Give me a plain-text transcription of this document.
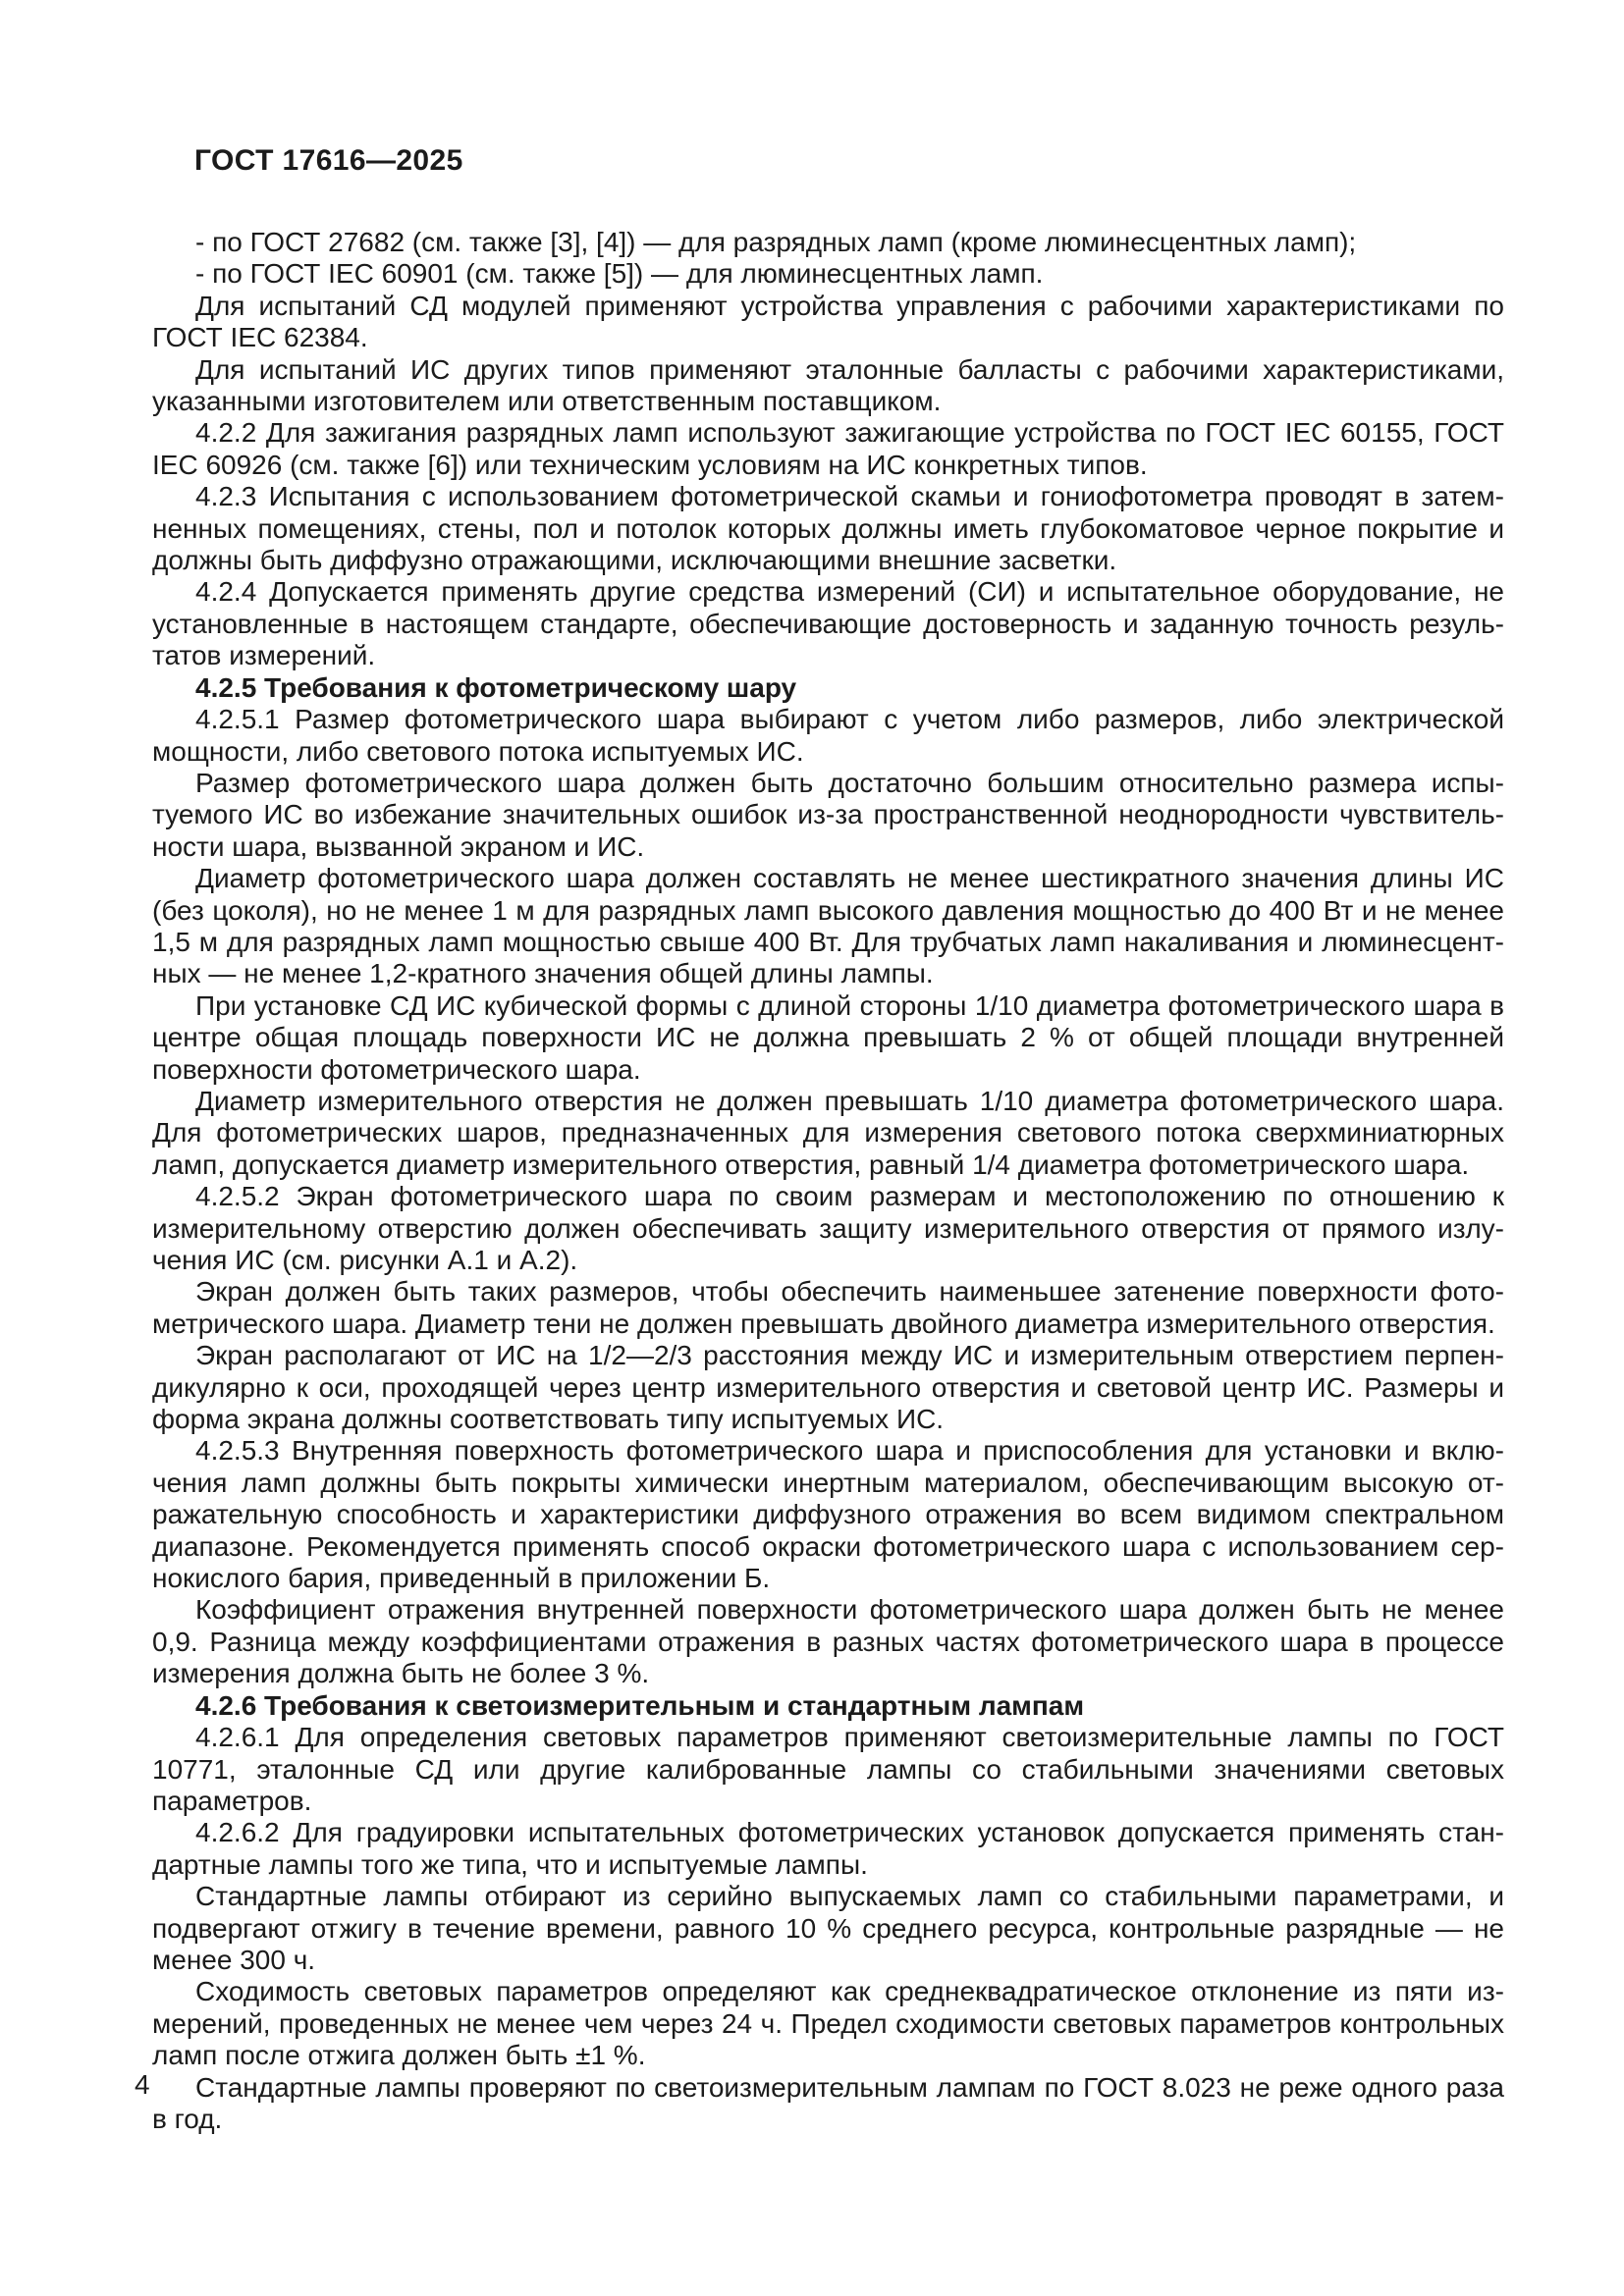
ГОСТ 17616—2025

- по ГОСТ 27682 (см. также [3], [4]) — для разрядных ламп (кроме люминесцентных ламп);

- по ГОСТ IEC 60901 (см. также [5]) — для люминесцентных ламп.

Для испытаний СД модулей применяют устройства управления с рабочими характеристиками по ГОСТ IEC 62384.

Для испытаний ИС других типов применяют эталонные балласты с рабочими характеристиками, указанными изготовителем или ответственным поставщиком.

4.2.2 Для зажигания разрядных ламп используют зажигающие устройства по ГОСТ IEC 60155, ГОСТ IEC 60926 (см. также [6]) или техническим условиям на ИС конкретных типов.

4.2.3 Испытания с использованием фотометрической скамьи и гониофотометра проводят в затемненных помещениях, стены, пол и потолок которых должны иметь глубокоматовое черное покрытие и должны быть диффузно отражающими, исключающими внешние засветки.

4.2.4 Допускается применять другие средства измерений (СИ) и испытательное оборудование, не установленные в настоящем стандарте, обеспечивающие достоверность и заданную точность результатов измерений.

4.2.5 Требования к фотометрическому шару

4.2.5.1 Размер фотометрического шара выбирают с учетом либо размеров, либо электрической мощности, либо светового потока испытуемых ИС.

Размер фотометрического шара должен быть достаточно большим относительно размера испытуемого ИС во избежание значительных ошибок из-за пространственной неоднородности чувствительности шара, вызванной экраном и ИС.

Диаметр фотометрического шара должен составлять не менее шестикратного значения длины ИС (без цоколя), но не менее 1 м для разрядных ламп высокого давления мощностью до 400 Вт и не менее 1,5 м для разрядных ламп мощностью свыше 400 Вт. Для трубчатых ламп накаливания и люминесцентных — не менее 1,2-кратного значения общей длины лампы.

При установке СД ИС кубической формы с длиной стороны 1/10 диаметра фотометрического шара в центре общая площадь поверхности ИС не должна превышать 2 % от общей площади внутренней поверхности фотометрического шара.

Диаметр измерительного отверстия не должен превышать 1/10 диаметра фотометрического шара. Для фотометрических шаров, предназначенных для измерения светового потока сверхминиатюрных ламп, допускается диаметр измерительного отверстия, равный 1/4 диаметра фотометрического шара.

4.2.5.2 Экран фотометрического шара по своим размерам и местоположению по отношению к измерительному отверстию должен обеспечивать защиту измерительного отверстия от прямого излучения ИС (см. рисунки А.1 и А.2).

Экран должен быть таких размеров, чтобы обеспечить наименьшее затенение поверхности фотометрического шара. Диаметр тени не должен превышать двойного диаметра измерительного отверстия.

Экран располагают от ИС на 1/2—2/3 расстояния между ИС и измерительным отверстием перпендикулярно к оси, проходящей через центр измерительного отверстия и световой центр ИС. Размеры и форма экрана должны соответствовать типу испытуемых ИС.

4.2.5.3 Внутренняя поверхность фотометрического шара и приспособления для установки и включения ламп должны быть покрыты химически инертным материалом, обеспечивающим высокую отражательную способность и характеристики диффузного отражения во всем видимом спектральном диапазоне. Рекомендуется применять способ окраски фотометрического шара с использованием сернокислого бария, приведенный в приложении Б.

Коэффициент отражения внутренней поверхности фотометрического шара должен быть не менее 0,9. Разница между коэффициентами отражения в разных частях фотометрического шара в процессе измерения должна быть не более 3 %.

4.2.6 Требования к светоизмерительным и стандартным лампам

4.2.6.1 Для определения световых параметров применяют светоизмерительные лампы по ГОСТ 10771, эталонные СД или другие калиброванные лампы со стабильными значениями световых параметров.

4.2.6.2 Для градуировки испытательных фотометрических установок допускается применять стандартные лампы того же типа, что и испытуемые лампы.

Стандартные лампы отбирают из серийно выпускаемых ламп со стабильными параметрами, и подвергают отжигу в течение времени, равного 10 % среднего ресурса, контрольные разрядные — не менее 300 ч.

Сходимость световых параметров определяют как среднеквадратическое отклонение из пяти измерений, проведенных не менее чем через 24 ч. Предел сходимости световых параметров контрольных ламп после отжига должен быть ±1 %.

Стандартные лампы проверяют по светоизмерительным лампам по ГОСТ 8.023 не реже одного раза в год.

4
